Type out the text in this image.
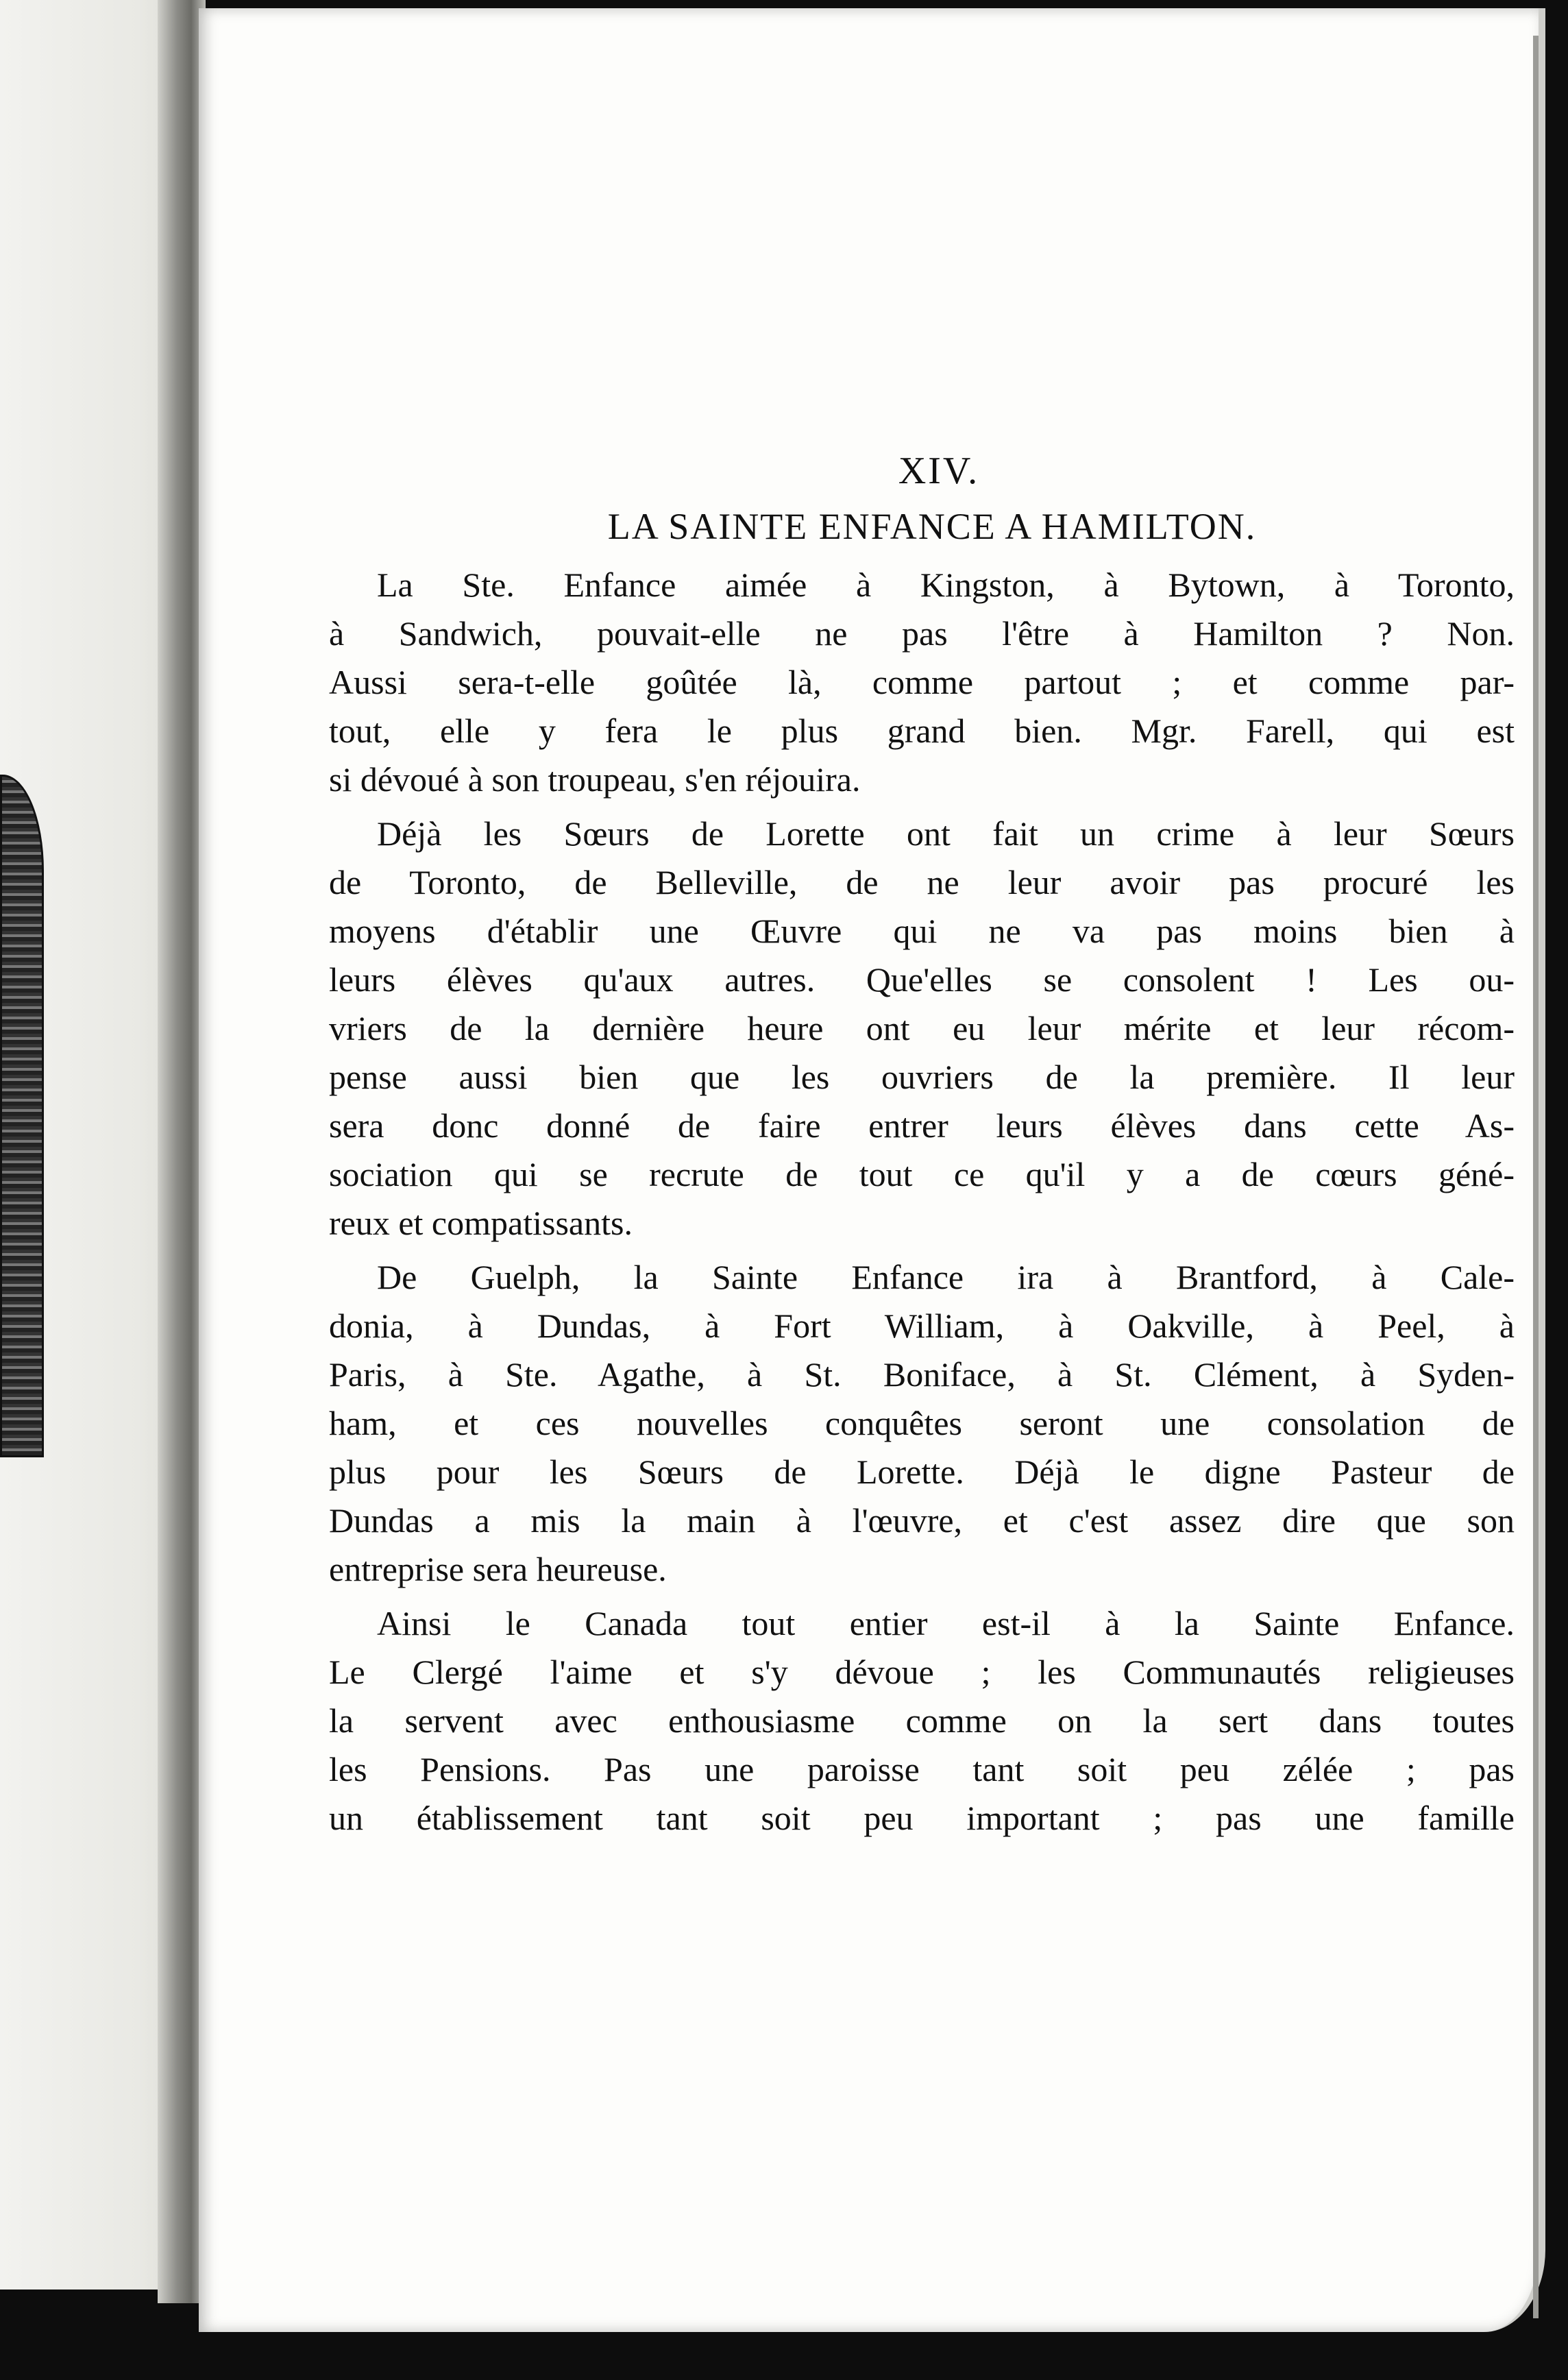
XIV.
LA SAINTE ENFANCE A HAMILTON.
La Ste. Enfance aimée à Kingston, à Bytown, à Toronto,
à Sandwich, pouvait-elle ne pas l'être à Hamilton ? Non.
Aussi sera-t-elle goûtée là, comme partout ; et comme par-
tout, elle y fera le plus grand bien. Mgr. Farell, qui est
si dévoué à son troupeau, s'en réjouira.
Déjà les Sœurs de Lorette ont fait un crime à leur Sœurs
de Toronto, de Belleville, de ne leur avoir pas procuré les
moyens d'établir une Œuvre qui ne va pas moins bien à
leurs élèves qu'aux autres. Que'elles se consolent ! Les ou-
vriers de la dernière heure ont eu leur mérite et leur récom-
pense aussi bien que les ouvriers de la première. Il leur
sera donc donné de faire entrer leurs élèves dans cette As-
sociation qui se recrute de tout ce qu'il y a de cœurs géné-
reux et compatissants.
De Guelph, la Sainte Enfance ira à Brantford, à Cale-
donia, à Dundas, à Fort William, à Oakville, à Peel, à
Paris, à Ste. Agathe, à St. Boniface, à St. Clément, à Syden-
ham, et ces nouvelles conquêtes seront une consolation de
plus pour les Sœurs de Lorette. Déjà le digne Pasteur de
Dundas a mis la main à l'œuvre, et c'est assez dire que son
entreprise sera heureuse.
Ainsi le Canada tout entier est-il à la Sainte Enfance.
Le Clergé l'aime et s'y dévoue ; les Communautés religieuses
la servent avec enthousiasme comme on la sert dans toutes
les Pensions. Pas une paroisse tant soit peu zélée ; pas
un établissement tant soit peu important ; pas une famille
